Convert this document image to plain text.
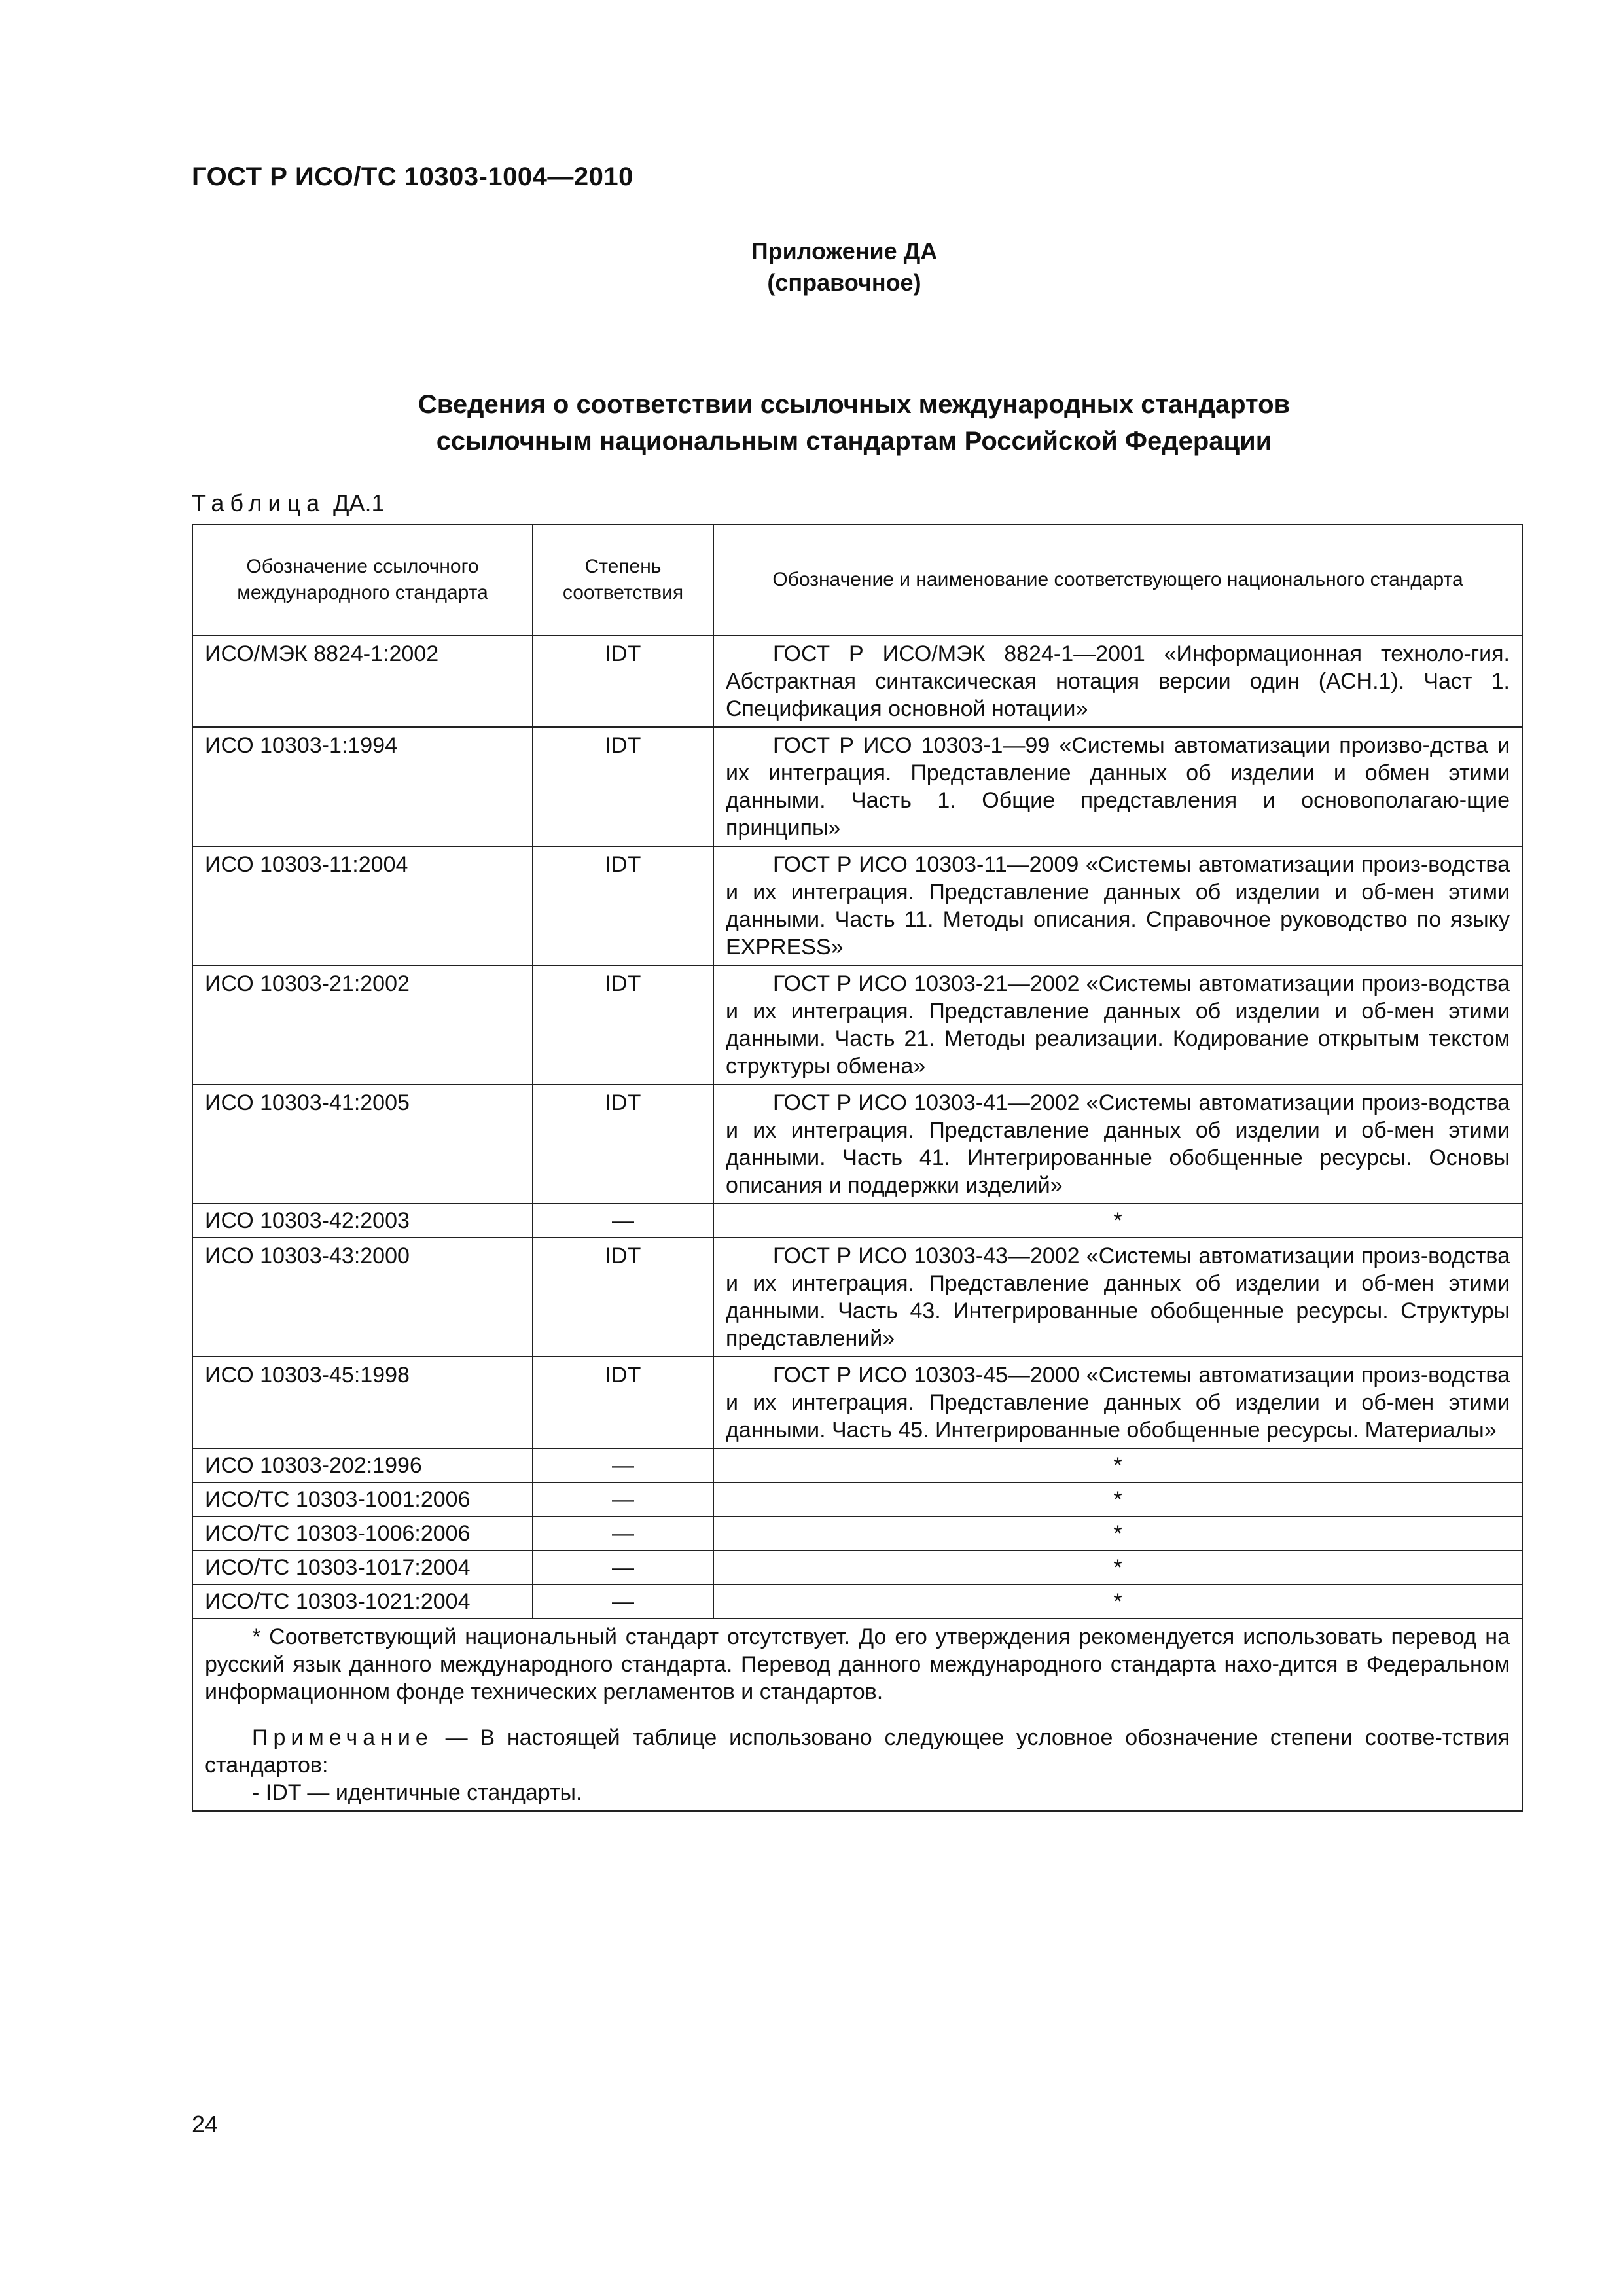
ГОСТ Р ИСО/ТС 10303-1004—2010
Приложение ДА
(справочное)
Сведения о соответствии ссылочных международных стандартов
ссылочным национальным стандартам Российской Федерации
Таблица ДА.1
Обозначение ссылочного международного стандарта	Степень соответствия	Обозначение и наименование соответствующего национального стандарта
ИСО/МЭК 8824-1:2002	IDT	ГОСТ Р ИСО/МЭК 8824-1—2001 «Информационная техноло-гия. Абстрактная синтаксическая нотация версии один (АСН.1). Част 1. Спецификация основной нотации»
ИСО 10303-1:1994	IDT	ГОСТ Р ИСО 10303-1—99 «Системы автоматизации произво-дства и их интеграция. Представление данных об изделии и обмен этими данными. Часть 1. Общие представления и основополагаю-щие принципы»
ИСО 10303-11:2004	IDT	ГОСТ Р ИСО 10303-11—2009 «Системы автоматизации произ-водства и их интеграция. Представление данных об изделии и об-мен этими данными. Часть 11. Методы описания. Справочное руководство по языку EXPRESS»
ИСО 10303-21:2002	IDT	ГОСТ Р ИСО 10303-21—2002 «Системы автоматизации произ-водства и их интеграция. Представление данных об изделии и об-мен этими данными. Часть 21. Методы реализации. Кодирование открытым текстом структуры обмена»
ИСО 10303-41:2005	IDT	ГОСТ Р ИСО 10303-41—2002 «Системы автоматизации произ-водства и их интеграция. Представление данных об изделии и об-мен этими данными. Часть 41. Интегрированные обобщенные ресурсы. Основы описания и поддержки изделий»
ИСО 10303-42:2003	—	*
ИСО 10303-43:2000	IDT	ГОСТ Р ИСО 10303-43—2002 «Системы автоматизации произ-водства и их интеграция. Представление данных об изделии и об-мен этими данными. Часть 43. Интегрированные обобщенные ресурсы. Структуры представлений»
ИСО 10303-45:1998	IDT	ГОСТ Р ИСО 10303-45—2000 «Системы автоматизации произ-водства и их интеграция. Представление данных об изделии и об-мен этими данными. Часть 45. Интегрированные обобщенные ресурсы. Материалы»
ИСО 10303-202:1996	—	*
ИСО/ТС 10303-1001:2006	—	*
ИСО/ТС 10303-1006:2006	—	*
ИСО/ТС 10303-1017:2004	—	*
ИСО/ТС 10303-1021:2004	—	*

* Соответствующий национальный стандарт отсутствует. До его утверждения рекомендуется использовать перевод на русский язык данного международного стандарта. Перевод данного международного стандарта нахо-дится в Федеральном информационном фонде технических регламентов и стандартов.

Примечание — В настоящей таблице использовано следующее условное обозначение степени соотве-тствия стандартов:

- IDT — идентичные стандарты.		

24
